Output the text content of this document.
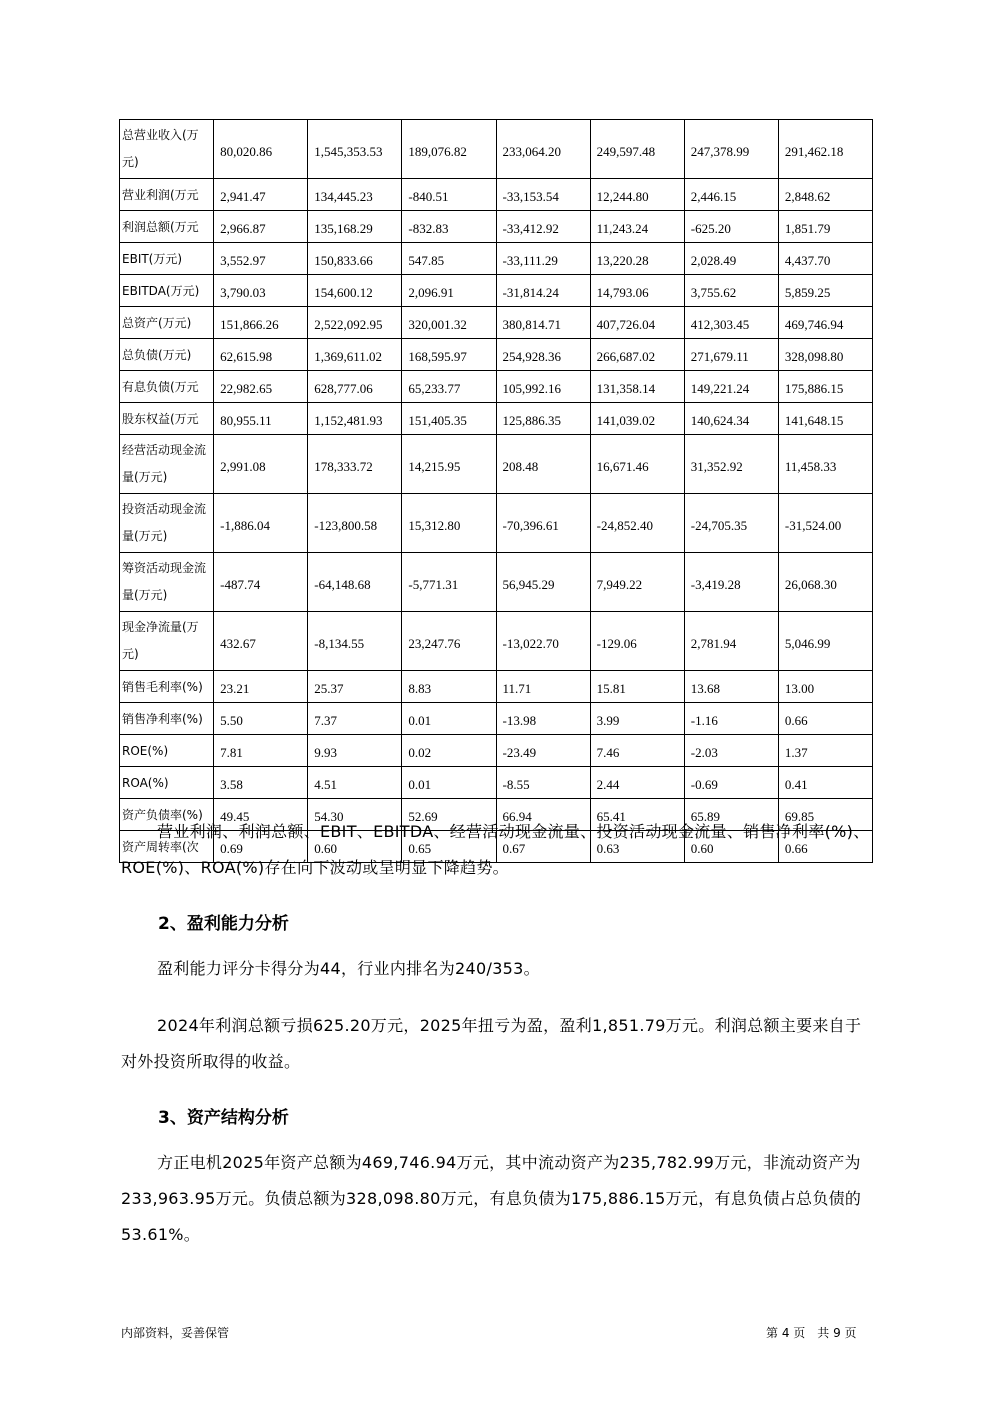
总营业收入(万元)	80,020.86	1,545,353.53	189,076.82	233,064.20	249,597.48	247,378.99	291,462.18
营业利润(万元	2,941.47	134,445.23	-840.51	-33,153.54	12,244.80	2,446.15	2,848.62
利润总额(万元	2,966.87	135,168.29	-832.83	-33,412.92	11,243.24	-625.20	1,851.79
EBIT(万元)	3,552.97	150,833.66	547.85	-33,111.29	13,220.28	2,028.49	4,437.70
EBITDA(万元)	3,790.03	154,600.12	2,096.91	-31,814.24	14,793.06	3,755.62	5,859.25
总资产(万元)	151,866.26	2,522,092.95	320,001.32	380,814.71	407,726.04	412,303.45	469,746.94
总负债(万元)	62,615.98	1,369,611.02	168,595.97	254,928.36	266,687.02	271,679.11	328,098.80
有息负债(万元	22,982.65	628,777.06	65,233.77	105,992.16	131,358.14	149,221.24	175,886.15
股东权益(万元	80,955.11	1,152,481.93	151,405.35	125,886.35	141,039.02	140,624.34	141,648.15
经营活动现金流量(万元)	2,991.08	178,333.72	14,215.95	208.48	16,671.46	31,352.92	11,458.33
投资活动现金流量(万元)	-1,886.04	-123,800.58	15,312.80	-70,396.61	-24,852.40	-24,705.35	-31,524.00
筹资活动现金流量(万元)	-487.74	-64,148.68	-5,771.31	56,945.29	7,949.22	-3,419.28	26,068.30
现金净流量(万元)	432.67	-8,134.55	23,247.76	-13,022.70	-129.06	2,781.94	5,046.99
销售毛利率(%)	23.21	25.37	8.83	11.71	15.81	13.68	13.00
销售净利率(%)	5.50	7.37	0.01	-13.98	3.99	-1.16	0.66
ROE(%)	7.81	9.93	0.02	-23.49	7.46	-2.03	1.37
ROA(%)	3.58	4.51	0.01	-8.55	2.44	-0.69	0.41
资产负债率(%)	49.45	54.30	52.69	66.94	65.41	65.89	69.85
资产周转率(次	0.69	0.60	0.65	0.67	0.63	0.60	0.66

营业利润、利润总额、EBIT、EBITDA、经营活动现金流量、投资活动现金流量、销售净利率(%)、ROE(%)、ROA(%)存在向下波动或呈明显下降趋势。

2、盈利能力分析

盈利能力评分卡得分为44，行业内排名为240/353。

2024年利润总额亏损625.20万元，2025年扭亏为盈，盈利1,851.79万元。利润总额主要来自于对外投资所取得的收益。

3、资产结构分析

方正电机2025年资产总额为469,746.94万元，其中流动资产为235,782.99万元，非流动资产为233,963.95万元。负债总额为328,098.80万元，有息负债为175,886.15万元，有息负债占总负债的53.61%。

内部资料，妥善保管	第 4 页　共 9 页
